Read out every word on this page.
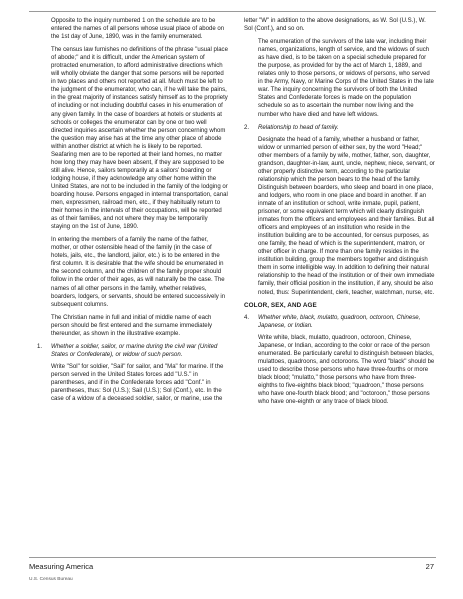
Opposite to the inquiry numbered 1 on the schedule are to be entered the names of all persons whose usual place of abode on the 1st day of June, 1890, was in the family enumerated.

The census law furnishes no definitions of the phrase "usual place of abode;" and it is difficult, under the American system of protracted enumeration, to afford administrative directions which will wholly obviate the danger that some persons will be reported in two places and others not reported at all. Much must be left to the judgment of the enumerator, who can, if he will take the pains, in the great majority of instances satisfy himself as to the propriety of including or not including doubtful cases in his enumeration of any given family. In the case of boarders at hotels or students at schools or colleges the enumerator can by one or two well directed inquiries ascertain whether the person concerning whom the question may arise has at the time any other place of abode within another district at which he is likely to be reported. Seafaring men are to be reported at their land homes, no matter how long they may have been absent, if they are supposed to be still alive. Hence, sailors temporarily at a sailors' boarding or lodging house, if they acknowledge any other home within the United States, are not to be included in the family of the lodging or boarding house. Persons engaged in internal transportation, canal men, expressmen, railroad men, etc., if they habitually return to their homes in the intervals of their occupations, will be reported as of their families, and not where they may be temporarily staying on the 1st of June, 1890.

In entering the members of a family the name of the father, mother, or other ostensible head of the family (in the case of hotels, jails, etc., the landlord, jailor, etc.) is to be entered in the first column. It is desirable that the wife should be enumerated in the second column, and the children of the family proper should follow in the order of their ages, as will naturally be the case. The names of all other persons in the family, whether relatives, boarders, lodgers, or servants, should be entered successively in subsequent columns.

The Christian name in full and initial of middle name of each person should be first entered and the surname immediately thereunder, as shown in the illustrative example.

1. Whether a soldier, sailor, or marine during the civil war (United States or Confederate), or widow of such person.

Write "Sol" for soldier, "Sail" for sailor, and "Ma" for marine. If the person served in the United States forces add "U.S." in parentheses, and if in the Confederate forces add "Conf." in parentheses, thus: Sol (U.S.); Sail (U.S.); Sol (Conf.), etc. In the case of a widow of a deceased soldier, sailor, or marine, use the

letter "W" in addition to the above designations, as W. Sol (U.S.), W. Sol (Conf.), and so on.

The enumeration of the survivors of the late war, including their names, organizations, length of service, and the widows of such as have died, is to be taken on a special schedule prepared for the purpose, as provided for by the act of March 1, 1889, and relates only to those persons, or widows of persons, who served in the Army, Navy, or Marine Corps of the United States in the late war. The inquiry concerning the survivors of both the United States and Confederate forces is made on the population schedule so as to ascertain the number now living and the number who have died and have left widows.

2. Relationship to head of family.

Designate the head of a family, whether a husband or father, widow or unmarried person of either sex, by the word "Head;" other members of a family by wife, mother, father, son, daughter, grandson, daughter-in-law, aunt, uncle, nephew, niece, servant, or other properly distinctive term, according to the particular relationship which the person bears to the head of the family. Distinguish between boarders, who sleep and board in one place, and lodgers, who room in one place and board in another. If an inmate of an institution or school, write inmate, pupil, patient, prisoner, or some equivalent term which will clearly distinguish inmates from the officers and employees and their families. But all officers and employees of an institution who reside in the institution building are to be accounted, for census purposes, as one family, the head of which is the superintendent, matron, or other officer in charge. If more than one family resides in the institution building, group the members together and distinguish them in some intelligible way. In addition to defining their natural relationship to the head of the institution or of their own immediate family, their official position in the institution, if any, should be also noted, thus: Superintendent, clerk, teacher, watchman, nurse, etc.

COLOR, SEX, AND AGE
4. Whether white, black, mulatto, quadroon, octoroon, Chinese, Japanese, or Indian.

Write white, black, mulatto, quadroon, octoroon, Chinese, Japanese, or Indian, according to the color or race of the person enumerated. Be particularly careful to distinguish between blacks, mulattoes, quadroons, and octoroons. The word "black" should be used to describe those persons who have three-fourths or more black blood; "mulatto," those persons who have from three-eighths to five-eighths black blood; "quadroon," those persons who have one-fourth black blood; and "octoroon," those persons who have one-eighth or any trace of black blood.

Measuring America
U.S. Census Bureau
27
